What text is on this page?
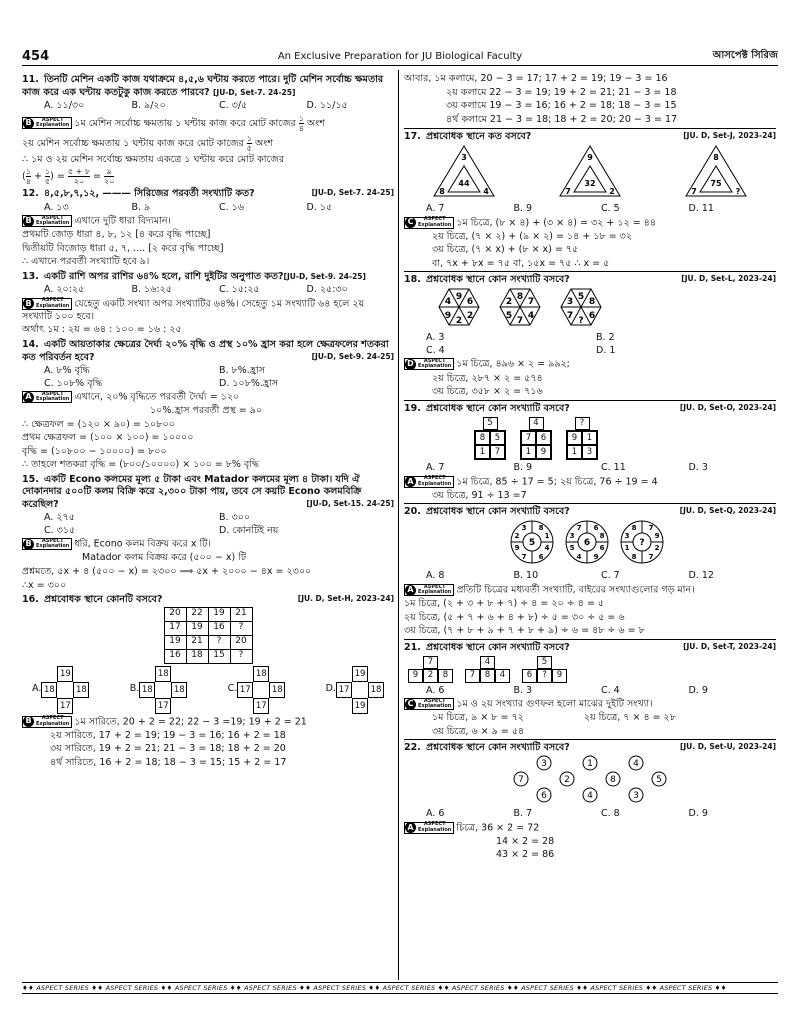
454	An Exclusive Preparation for JU Biological Faculty	আসপেক্ট সিরিজ
11. তিনটি মেশিন একটি কাজ যথাক্রমে ৪,৫,৬ ঘন্টায় করতে পারে। দুটি মেশিন সর্বোচ্চ ক্ষমতার কাজ করে এক ঘন্টায় কতটুকু কাজ করতে পারবে? [JU-D, Set-7. 24-25]
A. ১১/৩০	B. ৯/২০	C. ৩/৫	D. ১১/১৫
B	ASPECT
Explanation ১ম মেশিন সর্বোচ্চ ক্ষমতায় ১ ঘন্টায় কাজ করে মোট কাজের $\frac{১}{৪}$ অংশ
২য় মেশিন সর্বোচ্চ ক্ষমতায় ১ ঘন্টায় কাজ করে মোট কাজের $\frac{১}{৫}$ অংশ
∴ ১ম ও ২য় মেশিন সর্বোচ্চ ক্ষমতায় একত্রে ১ ঘন্টায় করে মোট কাজের
( $\frac{১}{৪} + \frac{১}{৫}$ ) = $\frac{৫ + ৮}{২০} = \frac{৯}{২০}$
12. ৪,৫,৮,৭,১২, ——— সিরিজের পরবর্তী সংখ্যাটি কত?	[JU-D, Set-7. 24-25]
A. ১৩	B. ৯	C. ১৬	D. ১৫
B	ASPECT
Explanation এখানে দুটি ধারা বিদ্যমান।
প্রথমটি জোড় ধারা ৪, ৮, ১২ [৪ করে বৃদ্ধি পাচ্ছে]
দ্বিতীয়টি বিজোড় ধারা ৫, ৭, .... [২ করে বৃদ্ধি পাচ্ছে]
∴ এখানে পরবর্তী সংখ্যাটি হবে ৯।
13. একটি রাশি অপর রাশির ৬৪% হলে, রাশি দুইটির অনুপাত কত?[JU-D, Set-9. 24-25]
A. ২০:২৫	B. ১৬:২৫	C. ১৫:২৫	D. ২৫:৩০
B	ASPECT
Explanation যেহেতু একটি সংখ্যা অপর সংখ্যাটির ৬৪%। সেহেতু ১ম সংখ্যাটি ৬৪ হলে ২য় সংখ্যাটি ১০০ হবে।
অর্থাৎ ১ম : ২য় = ৬৪ : ১০০ = ১৬ : ২৫
14. একটি আয়তাকার ক্ষেত্রের দৈর্ঘ্য ২০% বৃদ্ধি ও প্রস্থ ১০% হ্রাস করা হলে ক্ষেত্রফলের শতকরা কত পরিবর্তন হবে?	[JU-D, Set-9. 24-25]
A. ৮% বৃদ্ধি	B. ৮%.হ্রাস
C. ১০৮% বৃদ্ধি	D. ১০৮%.হ্রাস
A	ASPECT
Explanation এখানে, ২০% বৃদ্ধিতে পরবর্তী দৈর্ঘ্য = ১২০
১০%.হ্রাস পরবর্তী প্রস্থ = ৯০
∴ ক্ষেত্রফল = (১২০ × ৯০) = ১০৮০০
প্রথম ক্ষেত্রফল = (১০০ × ১০০) = ১০০০০
বৃদ্ধি = (১০৮০০ − ১০০০০) = ৮০০
∴ তাহলে শতকরা বৃদ্ধি = (৮০০/১০০০০) × ১০০ = ৮% বৃদ্ধি
15. একটি Econo কলমের মূল্য ৫ টাকা এবং Matador কলমের মূল্য ৪ টাকা। যদি ঐ দোকানদার ৫০০টি কলম বিক্রি করে ২,৩০০ টাকা পায়, তবে সে কয়টি Econo কলমবিক্রি করেছিল?	[JU-D, Set-15. 24-25]
A. ২৭৫	B. ৩০০
C. ৩১৫	D. কোনটিই নয়
B	ASPECT
Explanation ধরি, Econo কলম বিক্রয় করে x টি।
Matador কলম বিক্রয় করে (৫০০ − x) টি
প্রশ্নমতে, ৫x + ৪ (৫০০ − x) = ২৩০০ ⟹ ৫x + ২০০০ − ৪x = ২৩০০
∴x = ৩০০
16. প্রশ্নবোধক স্থানে কোনটি বসবে?	[JU. D, Set-H, 2023-24]
20	22	19	21
17	19	16	?
19	21	?	20
16	18	15	?
A.
19
18	18
17
B.
18
18	18
17
C.
18
17	18
17
D.
19
17	18
19
B	ASPECT
Explanation ১ম সারিতে, 20 + 2 = 22; 22 − 3 =19; 19 + 2 = 21
২য় সারিতে, 17 + 2 = 19; 19 − 3 = 16; 16 + 2 = 18
৩য় সারিতে, 19 + 2 = 21; 21 − 3 = 18; 18 + 2 = 20
৪র্থ সারিতে, 16 + 2 = 18; 18 − 3 = 15; 15 + 2 = 17
আবার, ১ম কলামে, 20 − 3 = 17; 17 + 2 = 19; 19 − 3 = 16
২য় কলামে 22 − 3 = 19; 19 + 2 = 21; 21 − 3 = 18
৩য় কলামে 19 − 3 = 16; 16 + 2 = 18; 18 − 3 = 15
৪র্থ কলামে 21 − 3 = 18; 18 + 2 = 20; 20 − 3 = 17
17. প্রশ্নবোধক স্থানে কত বসবে?	[JU. D, Set-J, 2023-24]
3
44
8	4
9
32
7	2
8
75
7	?
A. 7	B. 9	C. 5	D. 11
C	ASPECT
Explanation ১ম চিত্রে, (৮ × ৪) + (৩ × ৪) = ৩২ + ১২ = ৪৪
২য় চিত্রে, (৭ × ২) + (৯ × ২) = ১৪ + ১৮ = ৩২
৩য় চিত্রে, (৭ × x) + (৮ × x) = ৭৫
বা, ৭x + ৮x = ৭৫ বা, ১৫x = ৭৫ ∴ x = ৫
18. প্রশ্নবোধক স্থানে কোন সংখ্যাটি বসবে?	[JU. D, Set-L, 2023-24]
4 9 6
9 2 2
2 8 7
5 7 4
3 5 8
7 ? 6
A. 3	B. 2
C. 4	D. 1
D	ASPECT
Explanation ১ম চিত্রে, ৪৯৬ × ২ = ৯৯২;
২য় চিত্রে, ২৮৭ × ২ = ৫৭৪
৩য় চিত্রে, ৩৫৮ × ২ = ৭১৬
19. প্রশ্নবোধক স্থানে কোন সংখ্যাটি বসবে?	[JU. D, Set-O, 2023-24]
5
8	5
1	7
4
7	6
1	9
?
9	1
1	3
A. 7	B. 9	C. 11	D. 3
A	ASPECT
Explanation ১ম চিত্রে, 85 ÷ 17 = 5; ২য় চিত্রে, 76 ÷ 19 = 4
৩য় চিত্রে, 91 ÷ 13 =7
20. প্রশ্নবোধক স্থানে কোন সংখ্যাটি বসবে?	[JU. D, Set-Q, 2023-24]
5
3 8
2	1
9	4
7 6
6
7 6
3	8
5	6
4 9
?
8 7
3	9
1	2
8 7
A. 8	B. 10	C. 7	D. 12
A	ASPECT
Explanation প্রতিটি চিত্রের মধ্যবর্তী সংখ্যাটি, বাইরের সংখ্যাগুলোর গড় মান।
১ম চিত্রে, (২ + ৩ + ৮ + ৭) ÷ ৪ = ২০ ÷ ৪ = ৫
২য় চিত্রে, (৫ + ৭ + ৬ + ৪ + ৮) ÷ ৫ = ৩০ ÷ ৫ = ৬
৩য় চিত্রে, (৭ + ৮ + ৯ + ৭ + ৮ + ৯) ÷ ৬ = ৪৮ ÷ ৬ = ৮
21. প্রশ্নবোধক স্থানে কোন সংখ্যাটি বসবে?	[JU. D, Set-T, 2023-24]
7
9	2	8
4
7	8	4
5
6	?	9
A. 6	B. 3	C. 4	D. 9
C	ASPECT
Explanation ১ম ও ২য় সংখ্যার গুণফল হলো মাঝের দুইটি সংখ্যা।
১ম চিত্রে, ৯ × ৮ = ৭২	২য় চিত্রে, ৭ × ৪ = ২৮
৩য় চিত্রে, ৬ × ৯ = ৫৪
22. প্রশ্নবোধক স্থানে কোন সংখ্যাটি বসবে?	[JU. D, Set-U, 2023-24]
3	1	4
7	2	8	5
6	4	3
A. 6	B. 7	C. 8	D. 9
A	ASPECT
Explanation চিত্রে, 36 × 2 = 72
14 × 2 = 28
43 × 2 = 86
♦♦ ASPECT SERIES ♦♦ ASPECT SERIES ♦♦ ASPECT SERIES ♦♦ ASPECT SERIES ♦♦ ASPECT SERIES ♦♦ ASPECT SERIES ♦♦ ASPECT SERIES ♦♦ ASPECT SERIES ♦♦ ASPECT SERIES ♦♦ ASPECT SERIES ♦♦
